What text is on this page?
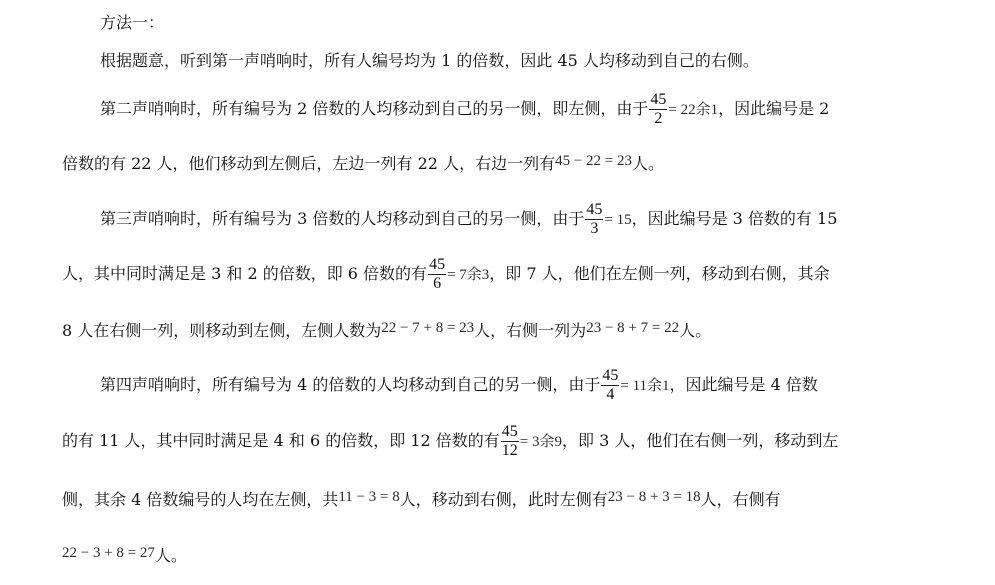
方法一：
根据题意，听到第一声哨响时，所有人编号均为 1 的倍数，因此 45 人均移动到自己的右侧。
第二声哨响时，所有编号为 2 倍数的人均移动到自己的另一侧，即左侧，由于 $\frac{45}{2} = 22$余1，因此编号是 2
倍数的有 22 人，他们移动到左侧后，左边一列有 22 人，右边一列有45 − 22 = 23人。
第三声哨响时，所有编号为 3 倍数的人均移动到自己的另一侧，由于 $\frac{45}{3} = 15$，因此编号是 3 倍数的有 15
人，其中同时满足是 3 和 2 的倍数，即 6 倍数的有 $\frac{45}{6} = 7$余3，即 7 人，他们在左侧一列，移动到右侧，其余
8 人在右侧一列，则移动到左侧，左侧人数为22 − 7 + 8 = 23人，右侧一列为23 − 8 + 7 = 22人。
第四声哨响时，所有编号为 4 的倍数的人均移动到自己的另一侧，由于 $\frac{45}{4} = 11$余1，因此编号是 4 倍数
的有 11 人，其中同时满足是 4 和 6 的倍数，即 12 倍数的有 $\frac{45}{12} = 3$余9，即 3 人，他们在右侧一列，移动到左
侧，其余 4 倍数编号的人均在左侧，共11 − 3 = 8人，移动到右侧，此时左侧有23 − 8 + 3 = 18人，右侧有
22 − 3 + 8 = 27人。
